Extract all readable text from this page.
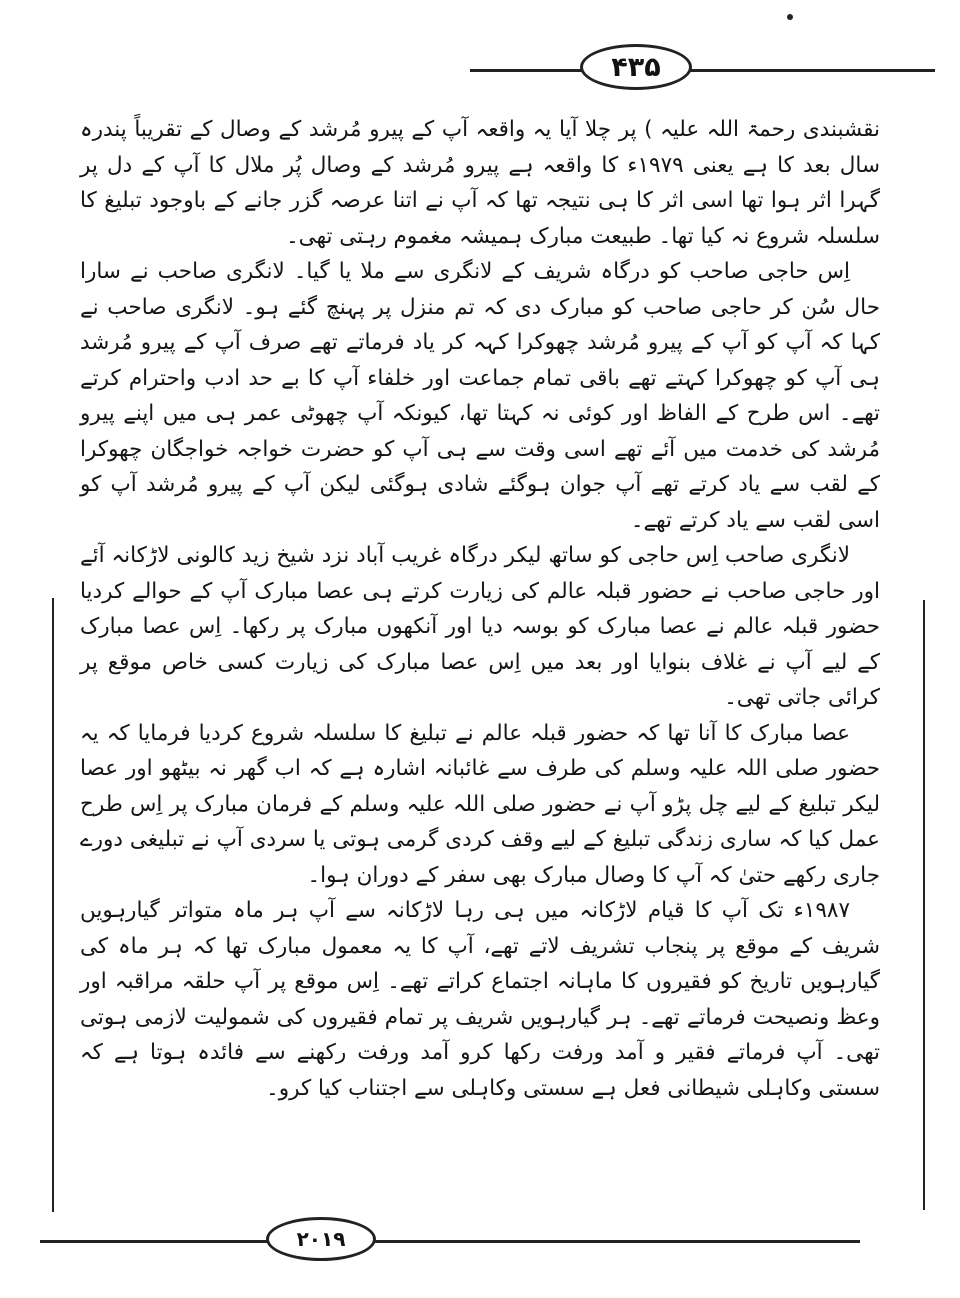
۴۳۵

نقشبندی رحمۃ اللہ علیہ ) پر چلا آیا یہ واقعہ آپ کے پیرو مُرشد کے وصال کے تقریباً پندرہ سال بعد کا ہے یعنی ۱۹۷۹ء کا واقعہ ہے پیرو مُرشد کے وصال پُر ملال کا آپ کے دل پر گہرا اثر ہوا تھا اسی اثر کا ہی نتیجہ تھا کہ آپ نے اتنا عرصہ گزر جانے کے باوجود تبلیغ کا سلسلہ شروع نہ کیا تھا۔ طبیعت مبارک ہمیشہ مغموم رہتی تھی۔

اِس حاجی صاحب کو درگاہ شریف کے لانگری سے ملا یا گیا۔ لانگری صاحب نے سارا حال سُن کر حاجی صاحب کو مبارک دی کہ تم منزل پر پہنچ گئے ہو۔ لانگری صاحب نے کہا کہ آپ کو آپ کے پیرو مُرشد چھوکرا کہہ کر یاد فرماتے تھے صرف آپ کے پیرو مُرشد ہی آپ کو چھوکرا کہتے تھے باقی تمام جماعت اور خلفاء آپ کا بے حد ادب واحترام کرتے تھے۔ اس طرح کے الفاظ اور کوئی نہ کہتا تھا، کیونکہ آپ چھوٹی عمر ہی میں اپنے پیرو مُرشد کی خدمت میں آئے تھے اسی وقت سے ہی آپ کو حضرت خواجہ خواجگان چھوکرا کے لقب سے یاد کرتے تھے آپ جوان ہوگئے شادی ہوگئی لیکن آپ کے پیرو مُرشد آپ کو اسی لقب سے یاد کرتے تھے۔

لانگری صاحب اِس حاجی کو ساتھ لیکر درگاہ غریب آباد نزد شیخ زید کالونی لاڑکانہ آئے اور حاجی صاحب نے حضور قبلہ عالم کی زیارت کرتے ہی عصا مبارک آپ کے حوالے کردیا حضور قبلہ عالم نے عصا مبارک کو بوسہ دیا اور آنکھوں مبارک پر رکھا۔ اِس عصا مبارک کے لیے آپ نے غلاف بنوایا اور بعد میں اِس عصا مبارک کی زیارت کسی خاص موقع پر کرائی جاتی تھی۔

عصا مبارک کا آنا تھا کہ حضور قبلہ عالم نے تبلیغ کا سلسلہ شروع کردیا فرمایا کہ یہ حضور صلی اللہ علیہ وسلم کی طرف سے غائبانہ اشارہ ہے کہ اب گھر نہ بیٹھو اور عصا لیکر تبلیغ کے لیے چل پڑو آپ نے حضور صلی اللہ علیہ وسلم کے فرمان مبارک پر اِس طرح عمل کیا کہ ساری زندگی تبلیغ کے لیے وقف کردی گرمی ہوتی یا سردی آپ نے تبلیغی دورے جاری رکھے حتیٰ کہ آپ کا وصال مبارک بھی سفر کے دوران ہوا۔

۱۹۸۷ء تک آپ کا قیام لاڑکانہ میں ہی رہا لاڑکانہ سے آپ ہر ماہ متواتر گیارہویں شریف کے موقع پر پنجاب تشریف لاتے تھے، آپ کا یہ معمول مبارک تھا کہ ہر ماہ کی گیارہویں تاریخ کو فقیروں کا ماہانہ اجتماع کراتے تھے۔ اِس موقع پر آپ حلقہ مراقبہ اور وعظ ونصیحت فرماتے تھے۔ ہر گیارہویں شریف پر تمام فقیروں کی شمولیت لازمی ہوتی تھی۔ آپ فرماتے فقیر و آمد ورفت رکھا کرو آمد ورفت رکھنے سے فائدہ ہوتا ہے کہ سستی وکاہلی شیطانی فعل ہے سستی وکاہلی سے اجتناب کیا کرو۔

۲۰۱۹
